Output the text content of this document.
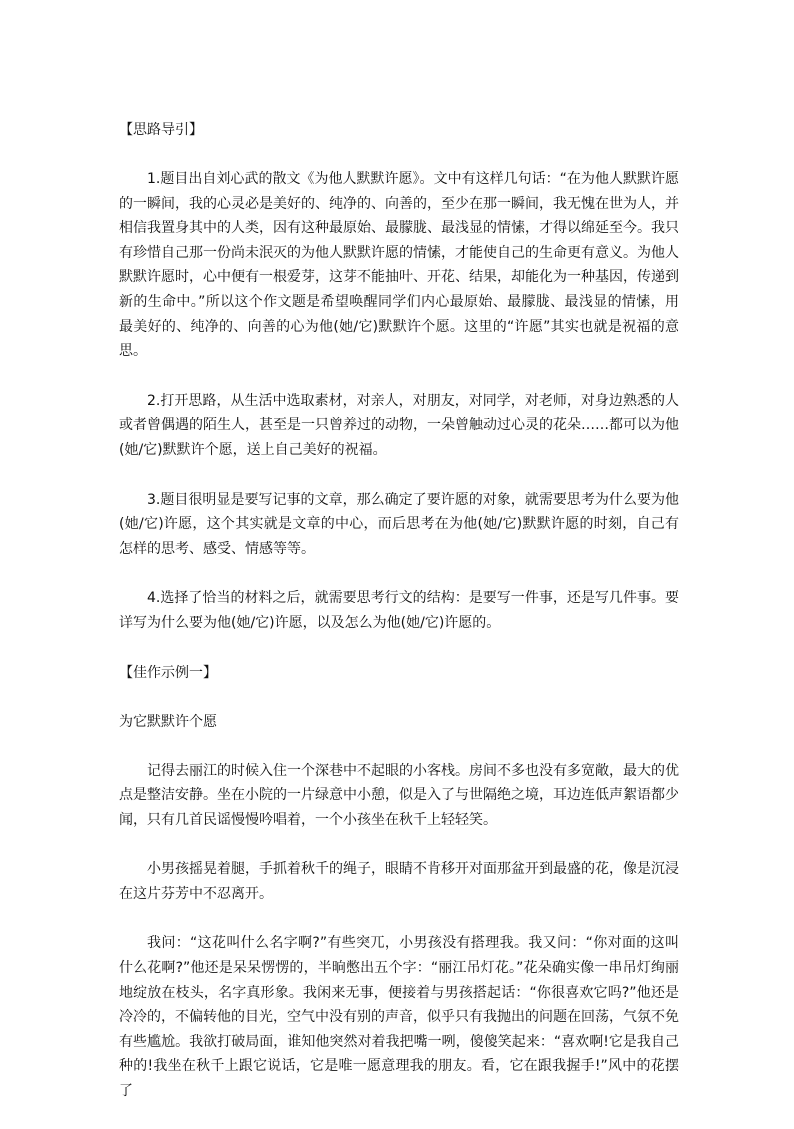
【思路导引】

1.题目出自刘心武的散文《为他人默默许愿》。文中有这样几句话：“在为他人默默许愿的一瞬间，我的心灵必是美好的、纯净的、向善的，至少在那一瞬间，我无愧在世为人，并相信我置身其中的人类，因有这种最原始、最朦胧、最浅显的情愫，才得以绵延至今。我只有珍惜自己那一份尚未泯灭的为他人默默许愿的情愫，才能使自己的生命更有意义。为他人默默许愿时，心中便有一根爱芽，这芽不能抽叶、开花、结果，却能化为一种基因，传递到新的生命中。”所以这个作文题是希望唤醒同学们内心最原始、最朦胧、最浅显的情愫，用最美好的、纯净的、向善的心为他(她/它)默默许个愿。这里的“许愿”其实也就是祝福的意思。

2.打开思路，从生活中选取素材，对亲人，对朋友，对同学，对老师，对身边熟悉的人或者曾偶遇的陌生人，甚至是一只曾养过的动物，一朵曾触动过心灵的花朵……都可以为他(她/它)默默许个愿，送上自己美好的祝福。

3.题目很明显是要写记事的文章，那么确定了要许愿的对象，就需要思考为什么要为他(她/它)许愿，这个其实就是文章的中心，而后思考在为他(她/它)默默许愿的时刻，自己有怎样的思考、感受、情感等等。

4.选择了恰当的材料之后，就需要思考行文的结构：是要写一件事，还是写几件事。要详写为什么要为他(她/它)许愿，以及怎么为他(她/它)许愿的。

【佳作示例一】
为它默默许个愿

记得去丽江的时候入住一个深巷中不起眼的小客栈。房间不多也没有多宽敞，最大的优点是整洁安静。坐在小院的一片绿意中小憩，似是入了与世隔绝之境，耳边连低声絮语都少闻，只有几首民谣慢慢吟唱着，一个小孩坐在秋千上轻轻笑。

小男孩摇晃着腿，手抓着秋千的绳子，眼睛不肯移开对面那盆开到最盛的花，像是沉浸在这片芬芳中不忍离开。

我问：“这花叫什么名字啊?”有些突兀，小男孩没有搭理我。我又问：“你对面的这叫什么花啊?”他还是呆呆愣愣的，半晌憋出五个字：“丽江吊灯花。”花朵确实像一串吊灯绚丽地绽放在枝头，名字真形象。我闲来无事，便接着与男孩搭起话：“你很喜欢它吗?”他还是冷冷的，不偏转他的目光，空气中没有别的声音，似乎只有我抛出的问题在回荡，气氛不免有些尴尬。我欲打破局面，谁知他突然对着我把嘴一咧，傻傻笑起来：“喜欢啊!它是我自己种的!我坐在秋千上跟它说话，它是唯一愿意理我的朋友。看，它在跟我握手!”风中的花摆了
